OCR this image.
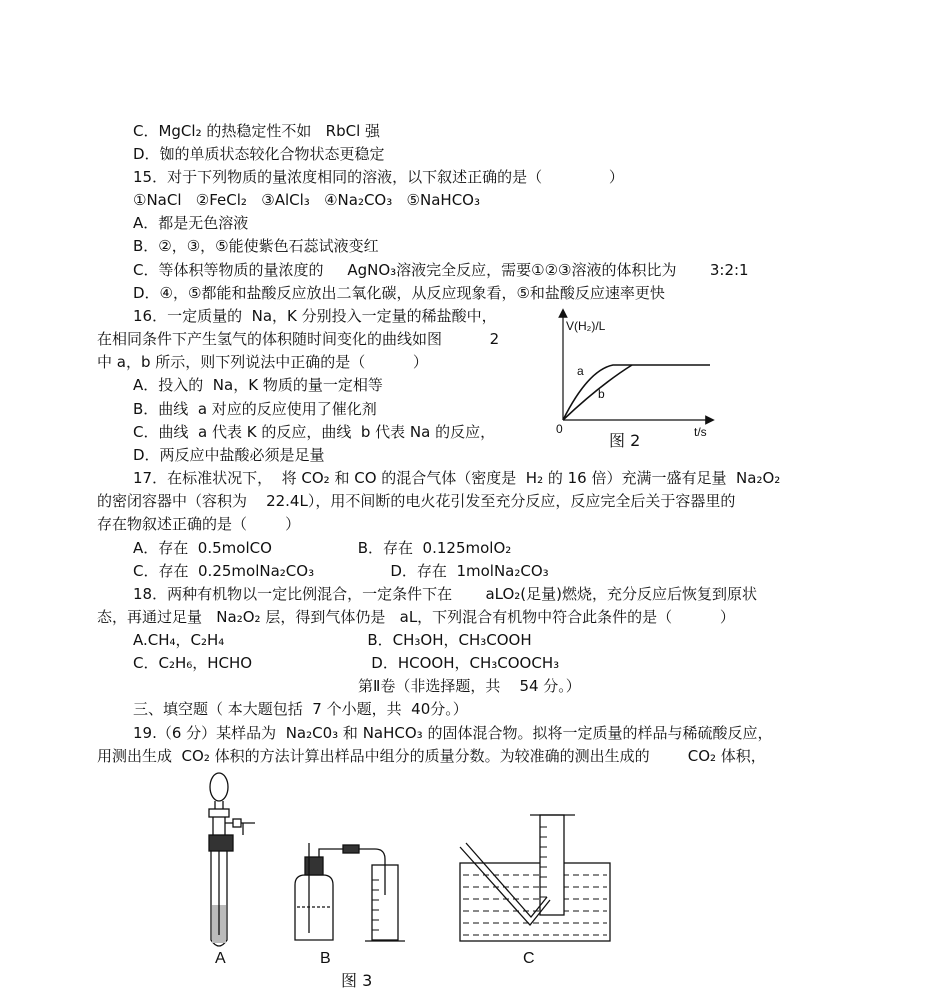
C．MgCl₂ 的热稳定性不如   RbCl 强
D．铷的单质状态较化合物状态更稳定
15．对于下列物质的量浓度相同的溶液，以下叙述正确的是（              ）
①NaCl   ②FeCl₂   ③AlCl₃   ④Na₂CO₃   ⑤NaHCO₃
A．都是无色溶液
B．②，③，⑤能使紫色石蕊试液变红
C．等体积等物质的量浓度的     AgNO₃溶液完全反应，需要①②③溶液的体积比为       3:2:1
D．④，⑤都能和盐酸反应放出二氧化碳，从反应现象看，⑤和盐酸反应速率更快
16．一定质量的  Na，K 分别投入一定量的稀盐酸中，
在相同条件下产生氢气的体积随时间变化的曲线如图          2
中 a，b 所示，则下列说法中正确的是（          ）
A．投入的  Na，K 物质的量一定相等
B．曲线  a 对应的反应使用了催化剂
C．曲线  a 代表 K 的反应，曲线  b 代表 Na 的反应，
D．两反应中盐酸必须是足量
17．在标准状况下，  将 CO₂ 和 CO 的混合气体（密度是  H₂ 的 16 倍）充满一盛有足量  Na₂O₂
的密闭容器中（容积为    22.4L），用不间断的电火花引发至充分反应，反应完全后关于容器里的
存在物叙述正确的是（        ）
A．存在  0.5molCO                  B．存在  0.125molO₂
C．存在  0.25molNa₂CO₃                D．存在  1molNa₂CO₃
18．两种有机物以一定比例混合，一定条件下在       aLO₂(足量)燃烧，充分反应后恢复到原状
态，再通过足量   Na₂O₂ 层，得到气体仍是   aL，下列混合有机物中符合此条件的是（          ）
A.CH₄，C₂H₄                              B．CH₃OH，CH₃COOH
C．C₂H₆，HCHO                         D．HCOOH，CH₃COOCH₃
第Ⅱ卷（非选择题，共    54 分。）
三、填空题（ 本大题包括  7 个小题，共  40分。）
19.（6 分）某样品为  Na₂C0₃ 和 NaHCO₃ 的固体混合物。拟将一定质量的样品与稀硫酸反应，
用测出生成  CO₂ 体积的方法计算出样品中组分的质量分数。为较准确的测出生成的        CO₂ 体积，
V(H₂)/L
a
b
0	t/s
图 2
A	B	C
图 3
